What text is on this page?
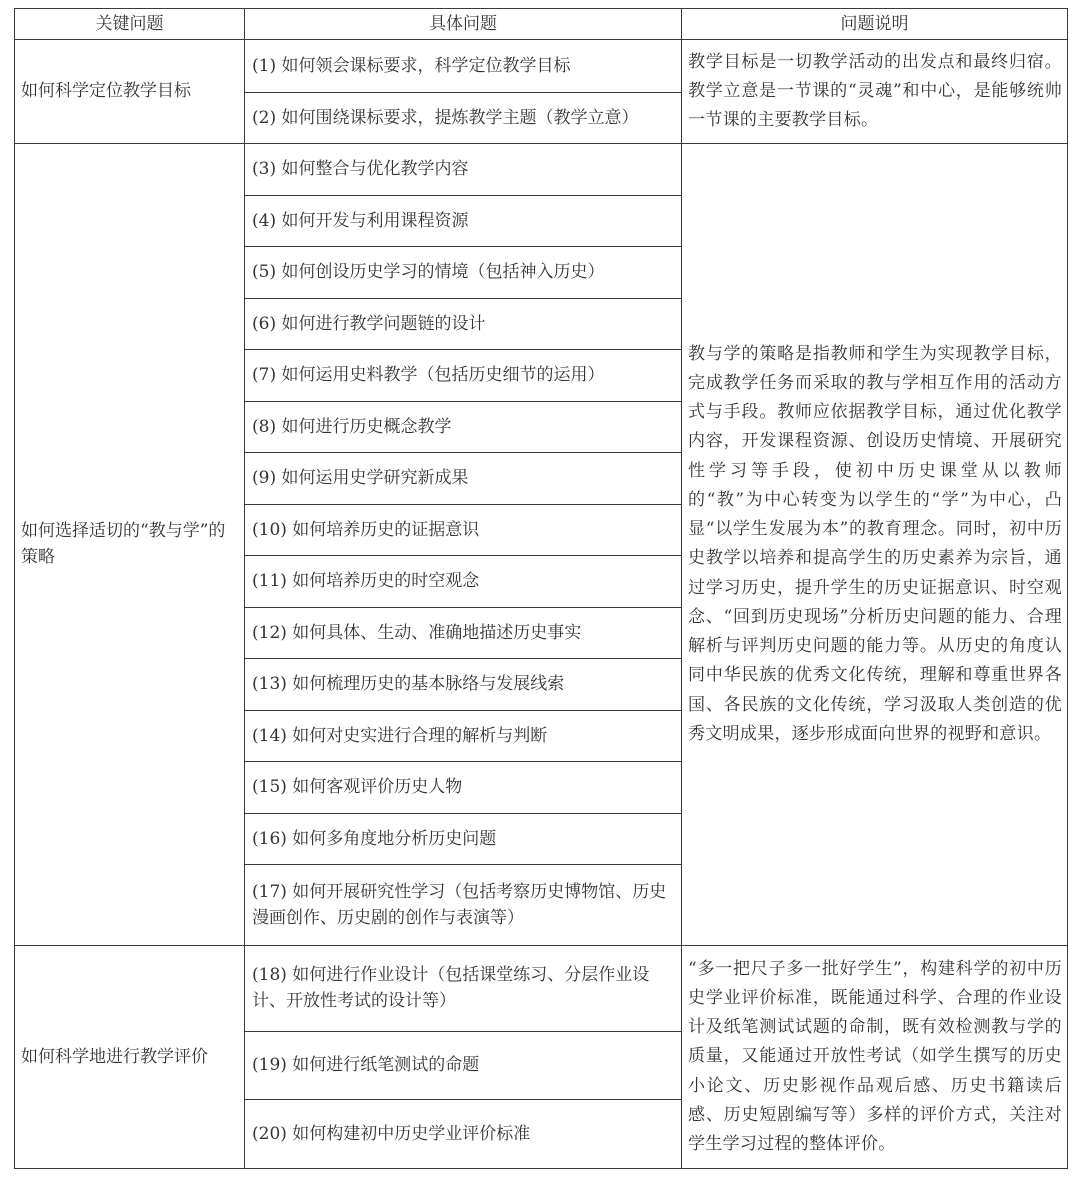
关键问题	具体问题	问题说明
如何科学定位教学目标	(1) 如何领会课标要求，科学定位教学目标	教学目标是一切教学活动的出发点和最终归宿。教学立意是一节课的“灵魂”和中心，是能够统帅一节课的主要教学目标。
	(2) 如何围绕课标要求，提炼教学主题（教学立意）	
如何选择适切的“教与学”的策略	(3) 如何整合与优化教学内容	教与学的策略是指教师和学生为实现教学目标，完成教学任务而采取的教与学相互作用的活动方式与手段。教师应依据教学目标，通过优化教学内容，开发课程资源、创设历史情境、开展研究性学习等手段，使初中历史课堂从以教师的“教”为中心转变为以学生的“学”为中心，凸显“以学生发展为本”的教育理念。同时，初中历史教学以培养和提高学生的历史素养为宗旨，通过学习历史，提升学生的历史证据意识、时空观念、“回到历史现场”分析历史问题的能力、合理解析与评判历史问题的能力等。从历史的角度认同中华民族的优秀文化传统，理解和尊重世界各国、各民族的文化传统，学习汲取人类创造的优秀文明成果，逐步形成面向世界的视野和意识。
	(4) 如何开发与利用课程资源	
	(5) 如何创设历史学习的情境（包括神入历史）	
	(6) 如何进行教学问题链的设计	
	(7) 如何运用史料教学（包括历史细节的运用）	
	(8) 如何进行历史概念教学	
	(9) 如何运用史学研究新成果	
	(10) 如何培养历史的证据意识	
	(11) 如何培养历史的时空观念	
	(12) 如何具体、生动、准确地描述历史事实	
	(13) 如何梳理历史的基本脉络与发展线索	
	(14) 如何对史实进行合理的解析与判断	
	(15) 如何客观评价历史人物	
	(16) 如何多角度地分析历史问题	
	(17) 如何开展研究性学习（包括考察历史博物馆、历史漫画创作、历史剧的创作与表演等）	
如何科学地进行教学评价	(18) 如何进行作业设计（包括课堂练习、分层作业设计、开放性考试的设计等）	“多一把尺子多一批好学生”，构建科学的初中历史学业评价标准，既能通过科学、合理的作业设计及纸笔测试试题的命制，既有效检测教与学的质量，又能通过开放性考试（如学生撰写的历史小论文、历史影视作品观后感、历史书籍读后感、历史短剧编写等）多样的评价方式，关注对学生学习过程的整体评价。
	(19) 如何进行纸笔测试的命题	
	(20) 如何构建初中历史学业评价标准	
